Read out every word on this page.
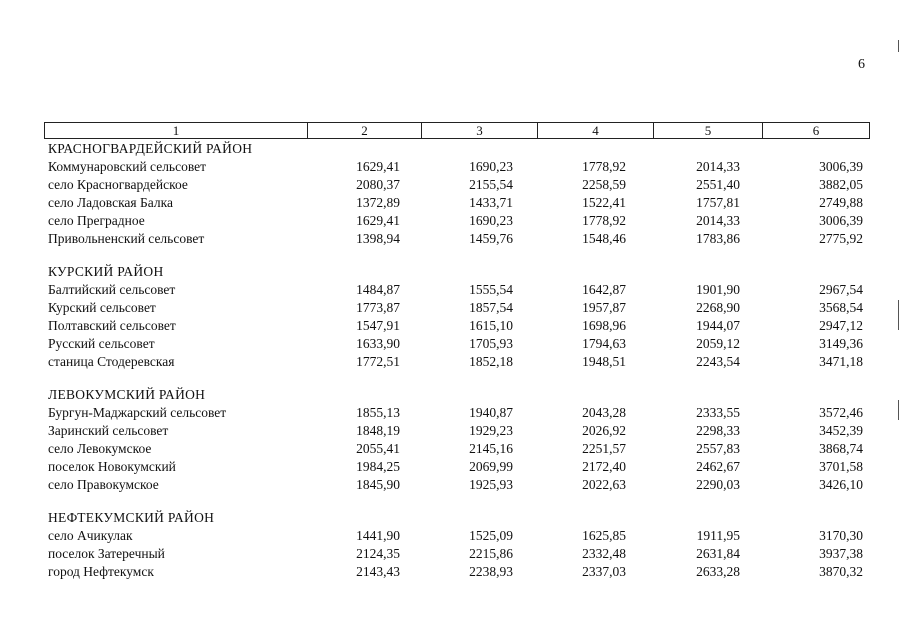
6
1	2	3	4	5	6
КРАСНОГВАРДЕЙСКИЙ РАЙОН
Коммунаровский сельсовет	1629,41	1690,23	1778,92	2014,33	3006,39
село Красногвардейское	2080,37	2155,54	2258,59	2551,40	3882,05
село Ладовская Балка	1372,89	1433,71	1522,41	1757,81	2749,88
село Преградное	1629,41	1690,23	1778,92	2014,33	3006,39
Привольненский сельсовет	1398,94	1459,76	1548,46	1783,86	2775,92
КУРСКИЙ РАЙОН
Балтийский сельсовет	1484,87	1555,54	1642,87	1901,90	2967,54
Курский сельсовет	1773,87	1857,54	1957,87	2268,90	3568,54
Полтавский сельсовет	1547,91	1615,10	1698,96	1944,07	2947,12
Русский сельсовет	1633,90	1705,93	1794,63	2059,12	3149,36
станица Стодеревская	1772,51	1852,18	1948,51	2243,54	3471,18
ЛЕВОКУМСКИЙ РАЙОН
Бургун-Маджарский сельсовет	1855,13	1940,87	2043,28	2333,55	3572,46
Заринский сельсовет	1848,19	1929,23	2026,92	2298,33	3452,39
село Левокумское	2055,41	2145,16	2251,57	2557,83	3868,74
поселок Новокумский	1984,25	2069,99	2172,40	2462,67	3701,58
село Правокумское	1845,90	1925,93	2022,63	2290,03	3426,10
НЕФТЕКУМСКИЙ РАЙОН
село Ачикулак	1441,90	1525,09	1625,85	1911,95	3170,30
поселок Затеречный	2124,35	2215,86	2332,48	2631,84	3937,38
город Нефтекумск	2143,43	2238,93	2337,03	2633,28	3870,32
